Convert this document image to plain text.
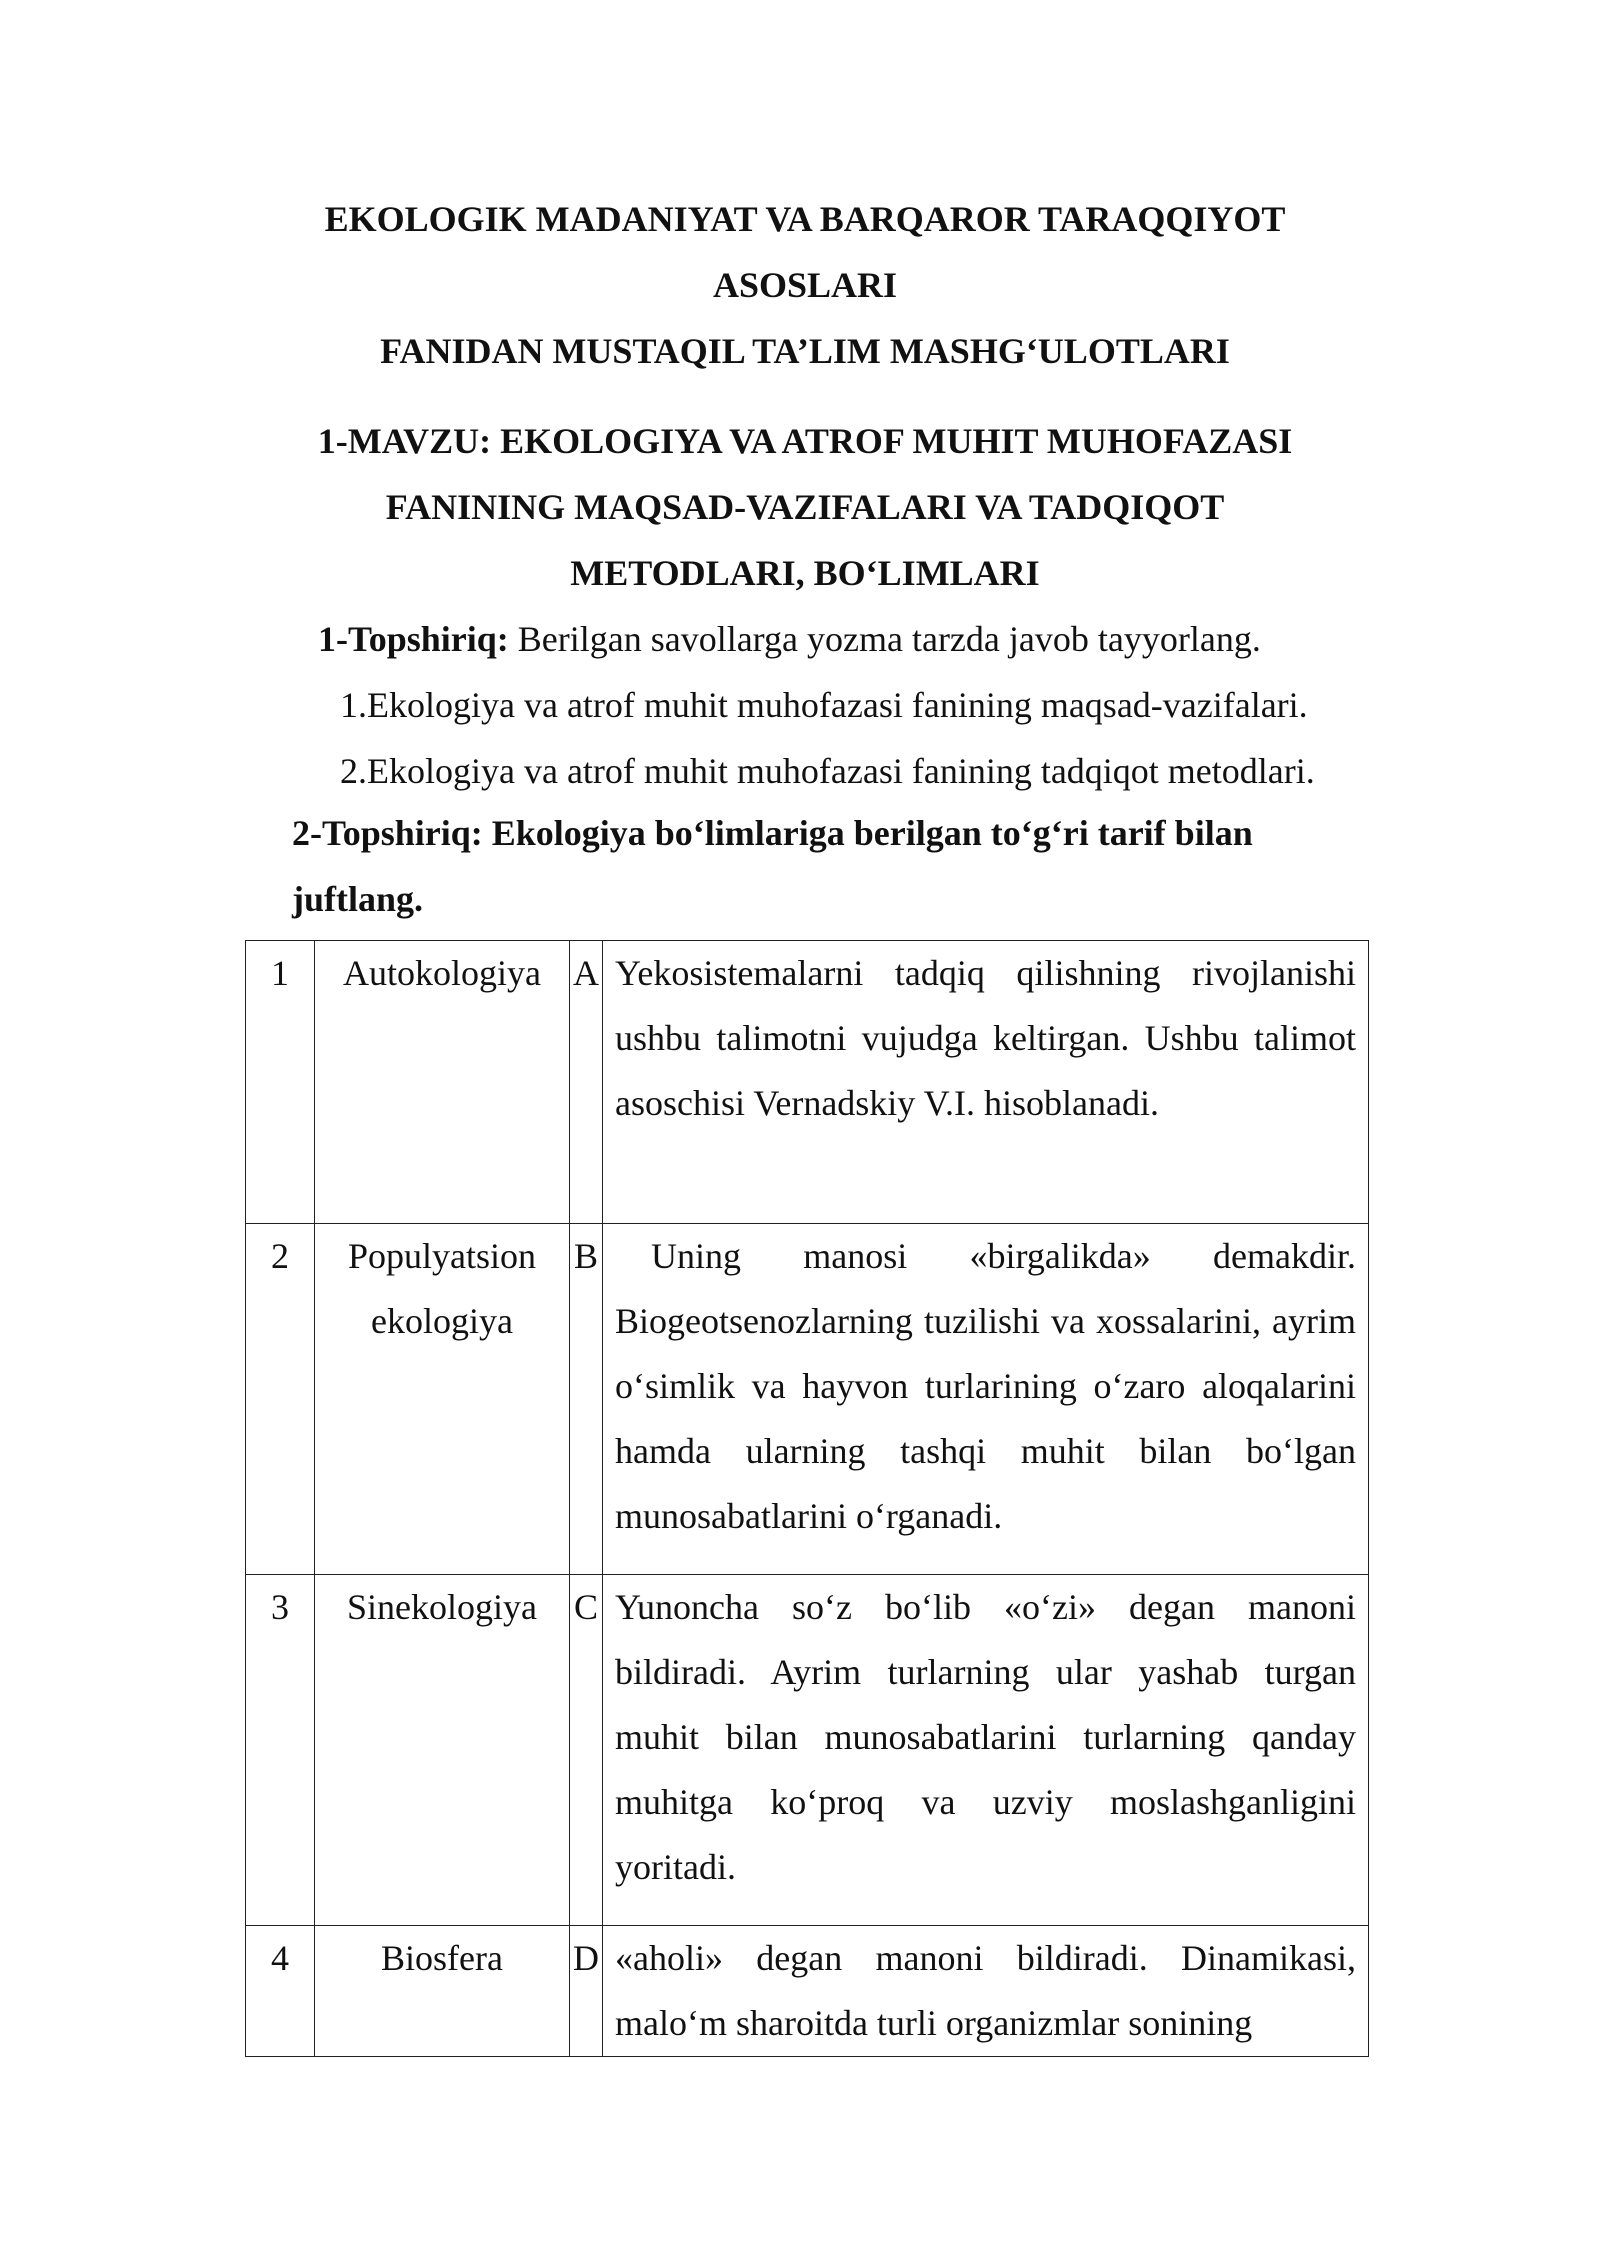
EKOLOGIK MADANIYAT VA BARQAROR TARAQQIYOT
ASOSLARI
FANIDAN MUSTAQIL TA’LIM MASHG‘ULOTLARI
1-MAVZU: EKOLOGIYA VA ATROF MUHIT MUHOFAZASI
FANINING MAQSAD-VAZIFALARI VA TADQIQOT
METODLARI, BO‘LIMLARI
1-Topshiriq: Berilgan savollarga yozma tarzda javob tayyorlang.
1.Ekologiya va atrof muhit muhofazasi fanining maqsad-vazifalari.
2.Ekologiya va atrof muhit muhofazasi fanining tadqiqot metodlari.
2-Topshiriq: Ekologiya bo‘limlariga berilgan to‘g‘ri tarif bilan juftlang.
1	Autokologiya	A	Yekosistemalarni tadqiq qilishning rivojlanishi ushbu talimotni vujudga keltirgan. Ushbu talimot asoschisi Vernadskiy V.I. hisoblanadi.

2	Populyatsion ekologiya	B	Uning manosi «birgalikda» demakdir. Biogeotsenozlarning tuzilishi va xossalarini, ayrim o‘simlik va hayvon turlarining o‘zaro aloqalarini hamda ularning tashqi muhit bilan bo‘lgan munosabatlarini o‘rganadi.

3	Sinekologiya	C	Yunoncha so‘z bo‘lib «o‘zi» degan manoni bildiradi. Ayrim turlarning ular yashab turgan muhit bilan munosabatlarini turlarning qanday muhitga ko‘proq va uzviy moslashganligini yoritadi.

4	Biosfera	D	«aholi» degan manoni bildiradi. Dinamikasi, malo‘m sharoitda turli organizmlar sonining
